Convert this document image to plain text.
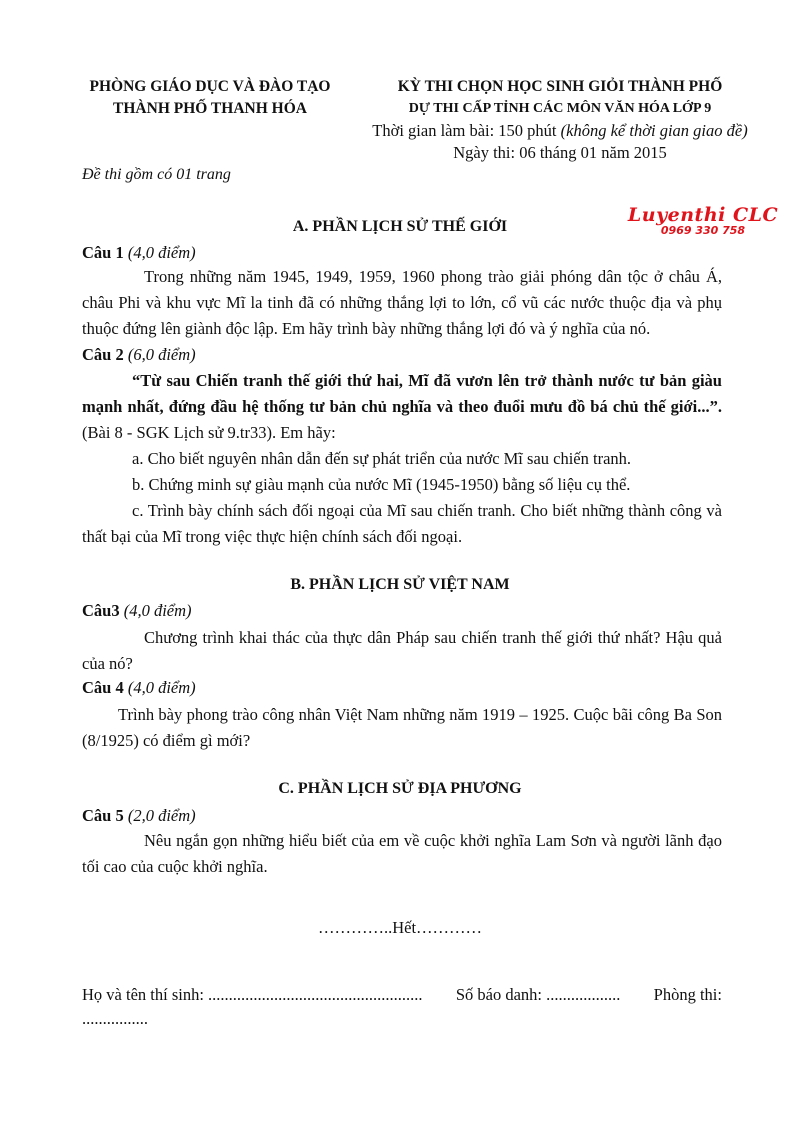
PHÒNG GIÁO DỤC VÀ ĐÀO TẠO
THÀNH PHỐ THANH HÓA
KỲ THI CHỌN HỌC SINH GIỎI THÀNH PHỐ
DỰ THI CẤP TỈNH CÁC MÔN VĂN HÓA LỚP 9
Thời gian làm bài: 150 phút (không kể thời gian giao đề)
Ngày thi: 06 tháng 01 năm 2015
Đề thi gồm có 01 trang
Luyenthi CLC
0969 330 758
A. PHẦN LỊCH SỬ THẾ GIỚI
Câu 1 (4,0 điểm)
Trong những năm 1945, 1949, 1959, 1960 phong trào giải phóng dân tộc ở châu Á, châu Phi và khu vực Mĩ la tinh đã có những thắng lợi to lớn, cổ vũ các nước thuộc địa và phụ thuộc đứng lên giành độc lập. Em hãy trình bày những thắng lợi đó và ý nghĩa của nó.
Câu 2 (6,0 điểm)
“Từ sau Chiến tranh thế giới thứ hai, Mĩ đã vươn lên trở thành nước tư bản giàu mạnh nhất, đứng đầu hệ thống tư bản chủ nghĩa và theo đuổi mưu đồ bá chủ thế giới...”. (Bài 8 - SGK Lịch sử 9.tr33). Em hãy:
a. Cho biết nguyên nhân dẫn đến sự phát triển của nước Mĩ sau chiến tranh.
b. Chứng minh sự giàu mạnh của nước Mĩ (1945-1950) bằng số liệu cụ thể.
c. Trình bày chính sách đối ngoại của Mĩ sau chiến tranh. Cho biết những thành công và thất bại của Mĩ trong việc thực hiện chính sách đối ngoại.
B. PHẦN LỊCH SỬ VIỆT NAM
Câu3 (4,0 điểm)
Chương trình khai thác của thực dân Pháp sau chiến tranh thế giới thứ nhất? Hậu quả của nó?
Câu 4 (4,0 điểm)
Trình bày phong trào công nhân Việt Nam những năm 1919 – 1925. Cuộc bãi công Ba Son (8/1925) có điểm gì mới?
C. PHẦN LỊCH SỬ ĐỊA PHƯƠNG
Câu 5 (2,0 điểm)
Nêu ngắn gọn những hiểu biết của em về cuộc khởi nghĩa Lam Sơn và người lãnh đạo tối cao của cuộc khởi nghĩa.
…………..Hết…………
Họ và tên thí sinh: .................................................... Số báo danh: .................. Phòng thi:
................
